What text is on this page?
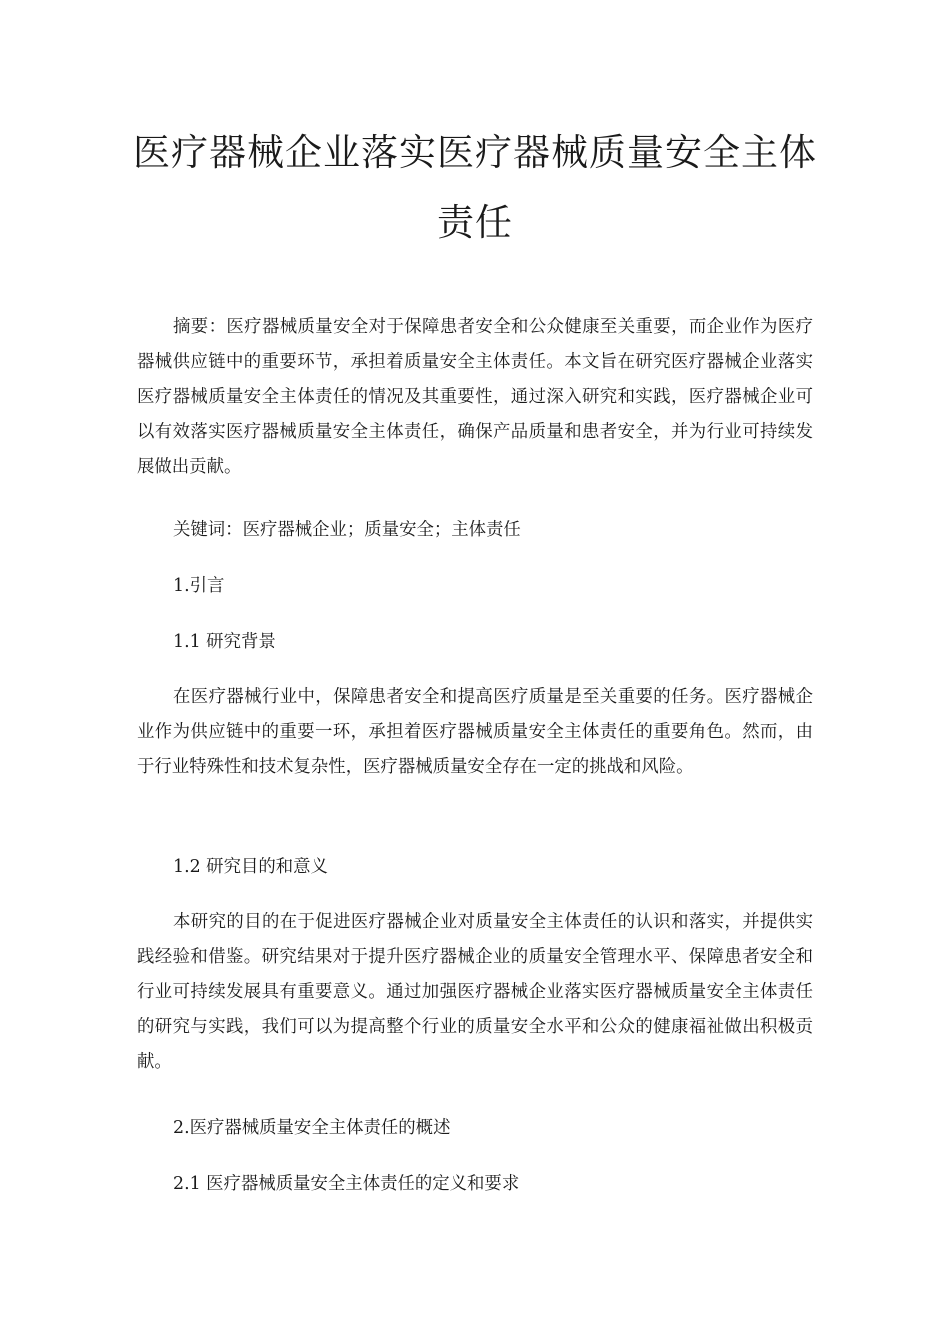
医疗器械企业落实医疗器械质量安全主体责任

摘要：医疗器械质量安全对于保障患者安全和公众健康至关重要，而企业作为医疗器械供应链中的重要环节，承担着质量安全主体责任。本文旨在研究医疗器械企业落实医疗器械质量安全主体责任的情况及其重要性，通过深入研究和实践，医疗器械企业可以有效落实医疗器械质量安全主体责任，确保产品质量和患者安全，并为行业可持续发展做出贡献。

关键词：医疗器械企业；质量安全；主体责任

1.引言

1.1 研究背景

在医疗器械行业中，保障患者安全和提高医疗质量是至关重要的任务。医疗器械企业作为供应链中的重要一环，承担着医疗器械质量安全主体责任的重要角色。然而，由于行业特殊性和技术复杂性，医疗器械质量安全存在一定的挑战和风险。

1.2 研究目的和意义

本研究的目的在于促进医疗器械企业对质量安全主体责任的认识和落实，并提供实践经验和借鉴。研究结果对于提升医疗器械企业的质量安全管理水平、保障患者安全和行业可持续发展具有重要意义。通过加强医疗器械企业落实医疗器械质量安全主体责任的研究与实践，我们可以为提高整个行业的质量安全水平和公众的健康福祉做出积极贡献。

2.医疗器械质量安全主体责任的概述

2.1 医疗器械质量安全主体责任的定义和要求
